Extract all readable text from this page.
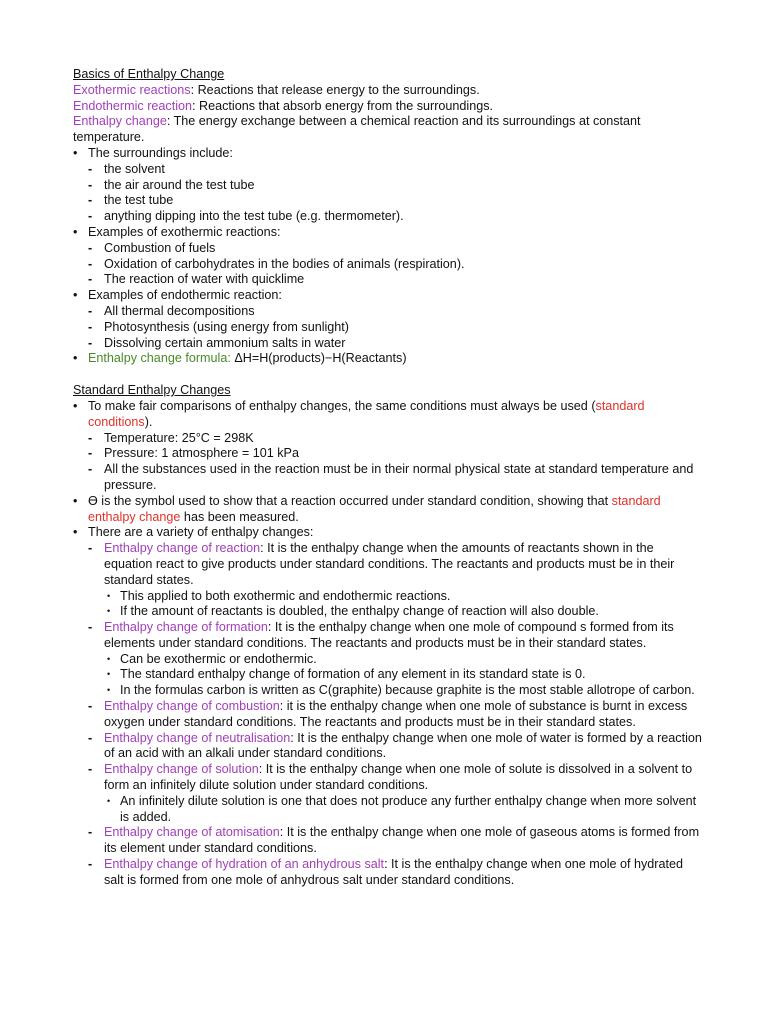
Basics of Enthalpy Change

Exothermic reactions: Reactions that release energy to the surroundings.

Endothermic reaction: Reactions that absorb energy from the surroundings.

Enthalpy change: The energy exchange between a chemical reaction and its surroundings at constant temperature.

• The surroundings include:
- the solvent
- the air around the test tube
- the test tube
- anything dipping into the test tube (e.g. thermometer).
• Examples of exothermic reactions:
- Combustion of fuels
- Oxidation of carbohydrates in the bodies of animals (respiration).
- The reaction of water with quicklime
• Examples of endothermic reaction:
- All thermal decompositions
- Photosynthesis (using energy from sunlight)
- Dissolving certain ammonium salts in water
• Enthalpy change formula: ΔH=H(products)−H(Reactants)

Standard Enthalpy Changes

• To make fair comparisons of enthalpy changes, the same conditions must always be used (standard conditions).
- Temperature: 25°C = 298K
- Pressure: 1 atmosphere = 101 kPa
- All the substances used in the reaction must be in their normal physical state at standard temperature and pressure.
• ϴ is the symbol used to show that a reaction occurred under standard condition, showing that standard enthalpy change has been measured.
• There are a variety of enthalpy changes:
- Enthalpy change of reaction: It is the enthalpy change when the amounts of reactants shown in the equation react to give products under standard conditions. The reactants and products must be in their standard states.
• This applied to both exothermic and endothermic reactions.
• If the amount of reactants is doubled, the enthalpy change of reaction will also double.
- Enthalpy change of formation: It is the enthalpy change when one mole of compound s formed from its elements under standard conditions. The reactants and products must be in their standard states.
• Can be exothermic or endothermic.
• The standard enthalpy change of formation of any element in its standard state is 0.
• In the formulas carbon is written as C(graphite) because graphite is the most stable allotrope of carbon.
- Enthalpy change of combustion: it is the enthalpy change when one mole of substance is burnt in excess oxygen under standard conditions. The reactants and products must be in their standard states.
- Enthalpy change of neutralisation: It is the enthalpy change when one mole of water is formed by a reaction of an acid with an alkali under standard conditions.
- Enthalpy change of solution: It is the enthalpy change when one mole of solute is dissolved in a solvent to form an infinitely dilute solution under standard conditions.
• An infinitely dilute solution is one that does not produce any further enthalpy change when more solvent is added.
- Enthalpy change of atomisation: It is the enthalpy change when one mole of gaseous atoms is formed from its element under standard conditions.
- Enthalpy change of hydration of an anhydrous salt: It is the enthalpy change when one mole of hydrated salt is formed from one mole of anhydrous salt under standard conditions.
